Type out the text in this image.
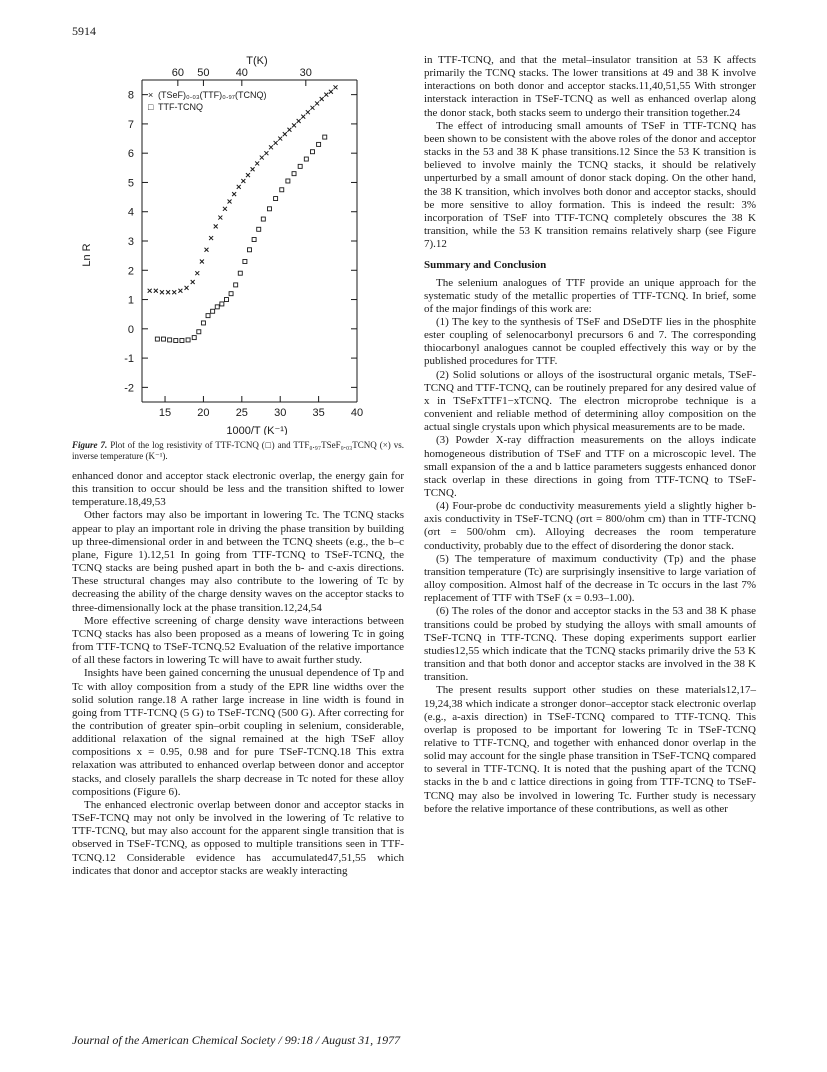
5914
15 20 25 30 35 40
-2
-1
0
1
2
3
4
5
6
7
8
60 50 40	30
T(K)
1000/T (K⁻¹)
Ln R
× (TSeF)₀.₀₃(TTF)₀.₉₇(TCNQ)
□ TTF-TCNQ
Figure 7. Plot of the log resistivity of TTF-TCNQ (□) and TTF₀.₉₇TSeF₀.₀₃TCNQ (×) vs. inverse temperature (K⁻¹).

enhanced donor and acceptor stack electronic overlap, the energy gain for this transition to occur should be less and the transition shifted to lower temperature.18,49,53

Other factors may also be important in lowering Tc. The TCNQ stacks appear to play an important role in driving the phase transition by building up three-dimensional order in and between the TCNQ sheets (e.g., the b–c plane, Figure 1).12,51 In going from TTF-TCNQ to TSeF-TCNQ, the TCNQ stacks are being pushed apart in both the b- and c-axis directions. These structural changes may also contribute to the lowering of Tc by decreasing the ability of the charge density waves on the acceptor stacks to three-dimensionally lock at the phase transition.12,24,54

More effective screening of charge density wave interactions between TCNQ stacks has also been proposed as a means of lowering Tc in going from TTF-TCNQ to TSeF-TCNQ.52 Evaluation of the relative importance of all these factors in lowering Tc will have to await further study.

Insights have been gained concerning the unusual dependence of Tp and Tc with alloy composition from a study of the EPR line widths over the solid solution range.18 A rather large increase in line width is found in going from TTF-TCNQ (5 G) to TSeF-TCNQ (500 G). After correcting for the contribution of greater spin–orbit coupling in selenium, considerable, additional relaxation of the signal remained at the high TSeF alloy compositions x = 0.95, 0.98 and for pure TSeF-TCNQ.18 This extra relaxation was attributed to enhanced overlap between donor and acceptor stacks, and closely parallels the sharp decrease in Tc noted for these alloy compositions (Figure 6).

The enhanced electronic overlap between donor and acceptor stacks in TSeF-TCNQ may not only be involved in the lowering of Tc relative to TTF-TCNQ, but may also account for the apparent single transition that is observed in TSeF-TCNQ, as opposed to multiple transitions seen in TTF-TCNQ.12 Considerable evidence has accumulated47,51,55 which indicates that donor and acceptor stacks are weakly interacting

in TTF-TCNQ, and that the metal–insulator transition at 53 K affects primarily the TCNQ stacks. The lower transitions at 49 and 38 K involve interactions on both donor and acceptor stacks.11,40,51,55 With stronger interstack interaction in TSeF-TCNQ as well as enhanced overlap along the donor stack, both stacks seem to undergo their transition together.24

The effect of introducing small amounts of TSeF in TTF-TCNQ has been shown to be consistent with the above roles of the donor and acceptor stacks in the 53 and 38 K phase transitions.12 Since the 53 K transition is believed to involve mainly the TCNQ stacks, it should be relatively unperturbed by a small amount of donor stack doping. On the other hand, the 38 K transition, which involves both donor and acceptor stacks, should be more sensitive to alloy formation. This is indeed the result: 3% incorporation of TSeF into TTF-TCNQ completely obscures the 38 K transition, while the 53 K transition remains relatively sharp (see Figure 7).12

Summary and Conclusion

The selenium analogues of TTF provide an unique approach for the systematic study of the metallic properties of TTF-TCNQ. In brief, some of the major findings of this work are:

(1) The key to the synthesis of TSeF and DSeDTF lies in the phosphite ester coupling of selenocarbonyl precursors 6 and 7. The corresponding thiocarbonyl analogues cannot be coupled effectively this way or by the published procedures for TTF.

(2) Solid solutions or alloys of the isostructural organic metals, TSeF-TCNQ and TTF-TCNQ, can be routinely prepared for any desired value of x in TSeFxTTF1−xTCNQ. The electron microprobe technique is a convenient and reliable method of determining alloy composition on the actual single crystals upon which physical measurements are to be made.

(3) Powder X-ray diffraction measurements on the alloys indicate homogeneous distribution of TSeF and TTF on a microscopic level. The small expansion of the a and b lattice parameters suggests enhanced donor stack overlap in these directions in going from TTF-TCNQ to TSeF-TCNQ.

(4) Four-probe dc conductivity measurements yield a slightly higher b-axis conductivity in TSeF-TCNQ (σrt = 800/ohm cm) than in TTF-TCNQ (σrt = 500/ohm cm). Alloying decreases the room temperature conductivity, probably due to the effect of disordering the donor stack.

(5) The temperature of maximum conductivity (Tp) and the phase transition temperature (Tc) are surprisingly insensitive to large variation of alloy composition. Almost half of the decrease in Tc occurs in the last 7% replacement of TTF with TSeF (x = 0.93–1.00).

(6) The roles of the donor and acceptor stacks in the 53 and 38 K phase transitions could be probed by studying the alloys with small amounts of TSeF-TCNQ in TTF-TCNQ. These doping experiments support earlier studies12,55 which indicate that the TCNQ stacks primarily drive the 53 K transition and that both donor and acceptor stacks are involved in the 38 K transition.

The present results support other studies on these materials12,17–19,24,38 which indicate a stronger donor–acceptor stack electronic overlap (e.g., a-axis direction) in TSeF-TCNQ compared to TTF-TCNQ. This overlap is proposed to be important for lowering Tc in TSeF-TCNQ relative to TTF-TCNQ, and together with enhanced donor overlap in the solid may account for the single phase transition in TSeF-TCNQ compared to several in TTF-TCNQ. It is noted that the pushing apart of the TCNQ stacks in the b and c lattice directions in going from TTF-TCNQ to TSeF-TCNQ may also be involved in lowering Tc. Further study is necessary before the relative importance of these contributions, as well as other

Journal of the American Chemical Society / 99:18 / August 31, 1977
